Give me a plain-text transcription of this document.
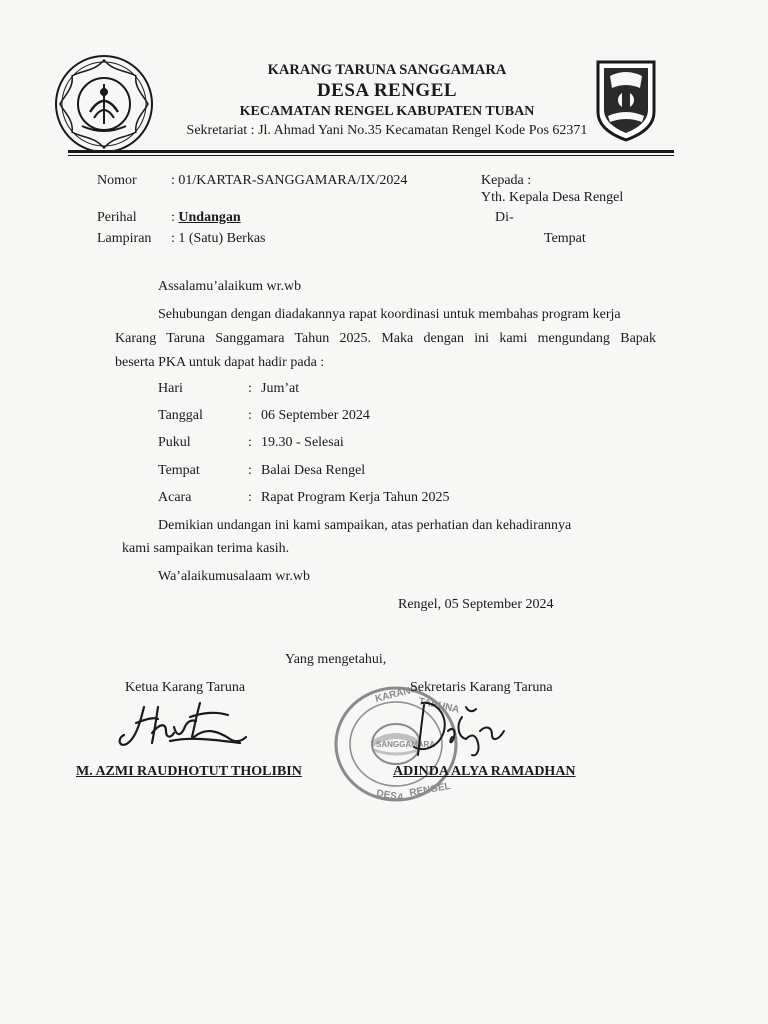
KARANG TARUNA SANGGAMARA
DESA RENGEL
KECAMATAN RENGEL KABUPATEN TUBAN
Sekretariat : Jl. Ahmad Yani No.35 Kecamatan Rengel Kode Pos 62371
Nomor : 01/KARTAR-SANGGAMARA/IX/2024
Perihal : Undangan
Lampiran : 1 (Satu) Berkas
Kepada :
Yth. Kepala Desa Rengel
Di-
Tempat
Assalamu’alaikum wr.wb
Sehubungan dengan diadakannya rapat koordinasi untuk membahas program kerja
Karang Taruna Sanggamara Tahun 2025. Maka dengan ini kami mengundang Bapak
beserta PKA untuk dapat hadir pada :
Hari	: Jum’at
Tanggal	: 06 September 2024
Pukul	: 19.30 - Selesai
Tempat	: Balai Desa Rengel
Acara	: Rapat Program Kerja Tahun 2025
Demikian undangan ini kami sampaikan, atas perhatian dan kehadirannya
kami sampaikan terima kasih.
Wa’alaikumusalaam wr.wb
Rengel, 05 September 2024
Yang mengetahui,
Ketua Karang Taruna	KARANG
TARUNA
DESA RENGEL
SANGGAMARA
Sekretaris Karang Taruna
M. AZMI RAUDHOTUT THOLIBIN	ADINDA ALYA RAMADHAN
